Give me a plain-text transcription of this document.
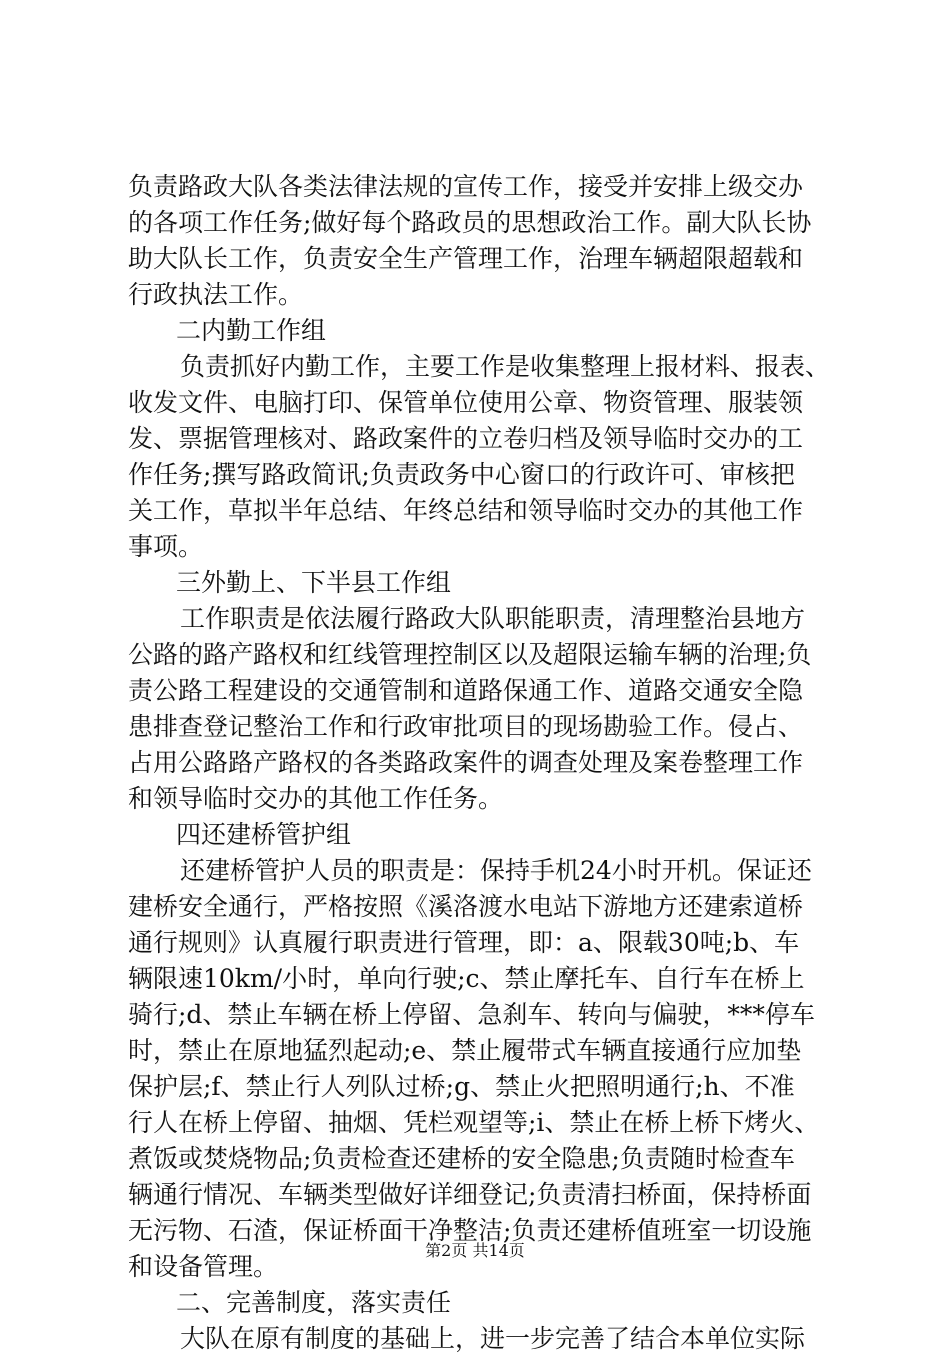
负责路政大队各类法律法规的宣传工作，接受并安排上级交办
的各项工作任务;做好每个路政员的思想政治工作。副大队长协
助大队长工作，负责安全生产管理工作，治理车辆超限超载和
行政执法工作。
二内勤工作组
负责抓好内勤工作，主要工作是收集整理上报材料、报表、
收发文件、电脑打印、保管单位使用公章、物资管理、服装领
发、票据管理核对、路政案件的立卷归档及领导临时交办的工
作任务;撰写路政简讯;负责政务中心窗口的行政许可、审核把
关工作，草拟半年总结、年终总结和领导临时交办的其他工作
事项。
三外勤上、下半县工作组
工作职责是依法履行路政大队职能职责，清理整治县地方
公路的路产路权和红线管理控制区以及超限运输车辆的治理;负
责公路工程建设的交通管制和道路保通工作、道路交通安全隐
患排查登记整治工作和行政审批项目的现场勘验工作。侵占、
占用公路路产路权的各类路政案件的调查处理及案卷整理工作
和领导临时交办的其他工作任务。
四还建桥管护组
还建桥管护人员的职责是：保持手机24小时开机。保证还
建桥安全通行，严格按照《溪洛渡水电站下游地方还建索道桥
通行规则》认真履行职责进行管理，即：a、限载30吨;b、车
辆限速10km/小时，单向行驶;c、禁止摩托车、自行车在桥上
骑行;d、禁止车辆在桥上停留、急刹车、转向与偏驶，***停车
时，禁止在原地猛烈起动;e、禁止履带式车辆直接通行应加垫
保护层;f、禁止行人列队过桥;g、禁止火把照明通行;h、不准
行人在桥上停留、抽烟、凭栏观望等;i、禁止在桥上桥下烤火、
煮饭或焚烧物品;负责检查还建桥的安全隐患;负责随时检查车
辆通行情况、车辆类型做好详细登记;负责清扫桥面，保持桥面
无污物、石渣，保证桥面干净整洁;负责还建桥值班室一切设施
和设备管理。
二、完善制度，落实责任
大队在原有制度的基础上，进一步完善了结合本单位实际
第2页 共14页
